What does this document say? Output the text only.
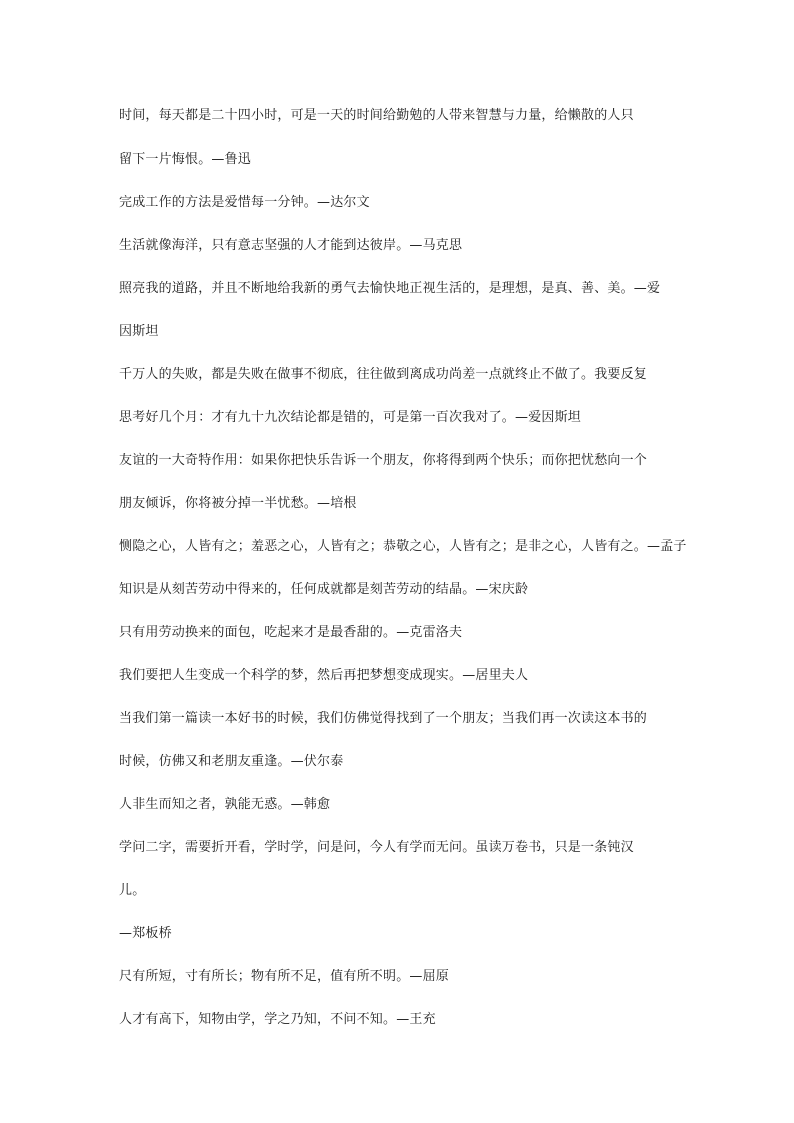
时间，每天都是二十四小时，可是一天的时间给勤勉的人带来智慧与力量，给懒散的人只
留下一片悔恨。—鲁迅
完成工作的方法是爱惜每一分钟。—达尔文
生活就像海洋，只有意志坚强的人才能到达彼岸。—马克思
照亮我的道路，并且不断地给我新的勇气去愉快地正视生活的，是理想，是真、善、美。—爱
因斯坦
千万人的失败，都是失败在做事不彻底，往往做到离成功尚差一点就终止不做了。我要反复
思考好几个月：才有九十九次结论都是错的，可是第一百次我对了。—爱因斯坦
友谊的一大奇特作用：如果你把快乐告诉一个朋友，你将得到两个快乐；而你把忧愁向一个
朋友倾诉，你将被分掉一半忧愁。—培根
恻隐之心，人皆有之；羞恶之心，人皆有之；恭敬之心，人皆有之；是非之心，人皆有之。—孟子
知识是从刻苦劳动中得来的，任何成就都是刻苦劳动的结晶。—宋庆龄
只有用劳动换来的面包，吃起来才是最香甜的。—克雷洛夫
我们要把人生变成一个科学的梦，然后再把梦想变成现实。—居里夫人
当我们第一篇读一本好书的时候，我们仿佛觉得找到了一个朋友；当我们再一次读这本书的
时候，仿佛又和老朋友重逢。—伏尔泰
人非生而知之者，孰能无惑。—韩愈
学问二字，需要折开看，学时学，问是问，今人有学而无问。虽读万卷书，只是一条钝汉
儿。
—郑板桥
尺有所短，寸有所长；物有所不足，值有所不明。—屈原
人才有高下，知物由学，学之乃知，不问不知。—王充
